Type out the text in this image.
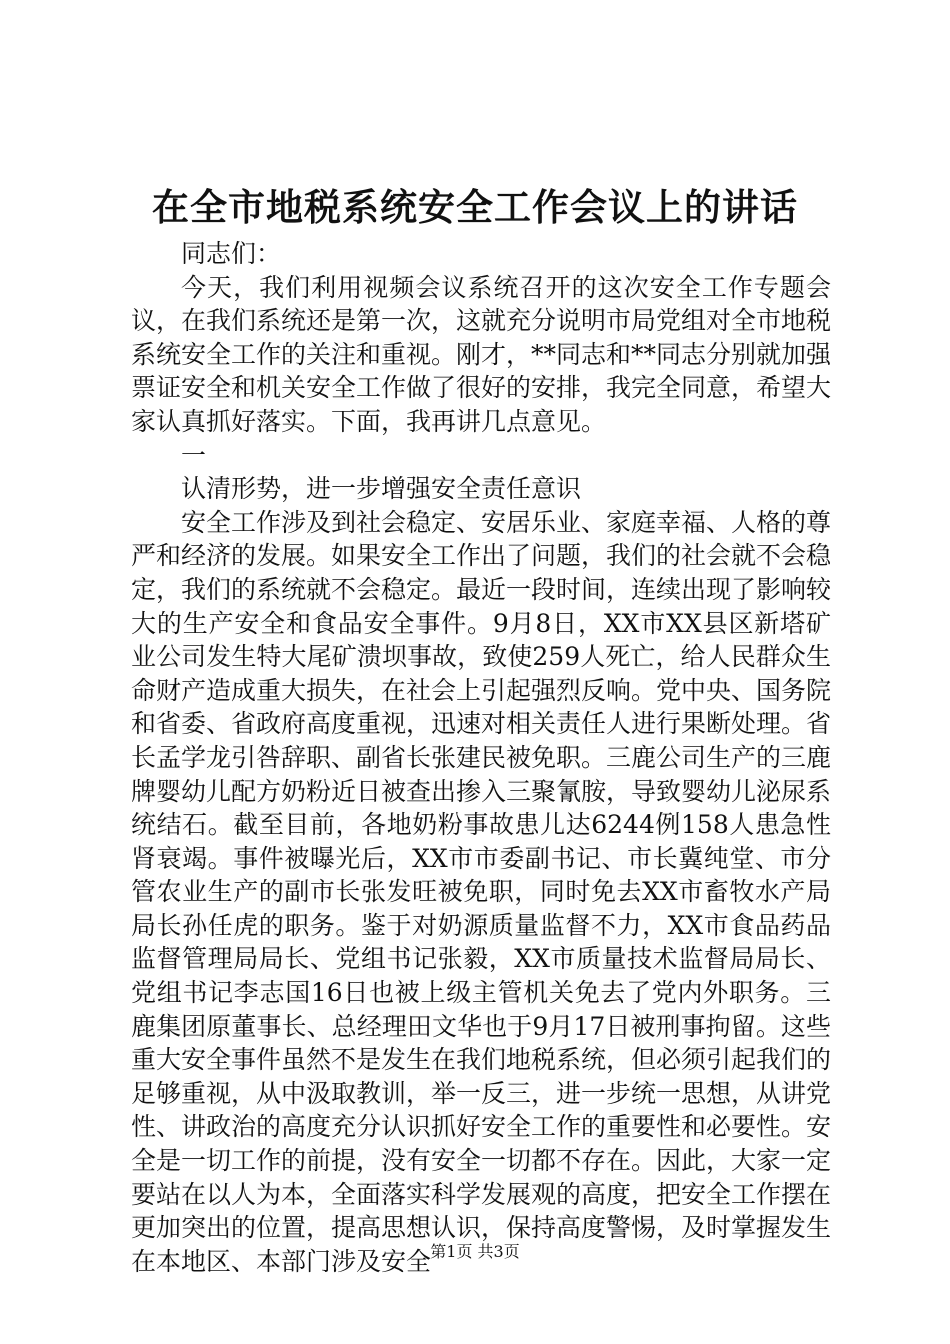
在全市地税系统安全工作会议上的讲话

同志们：

今天，我们利用视频会议系统召开的这次安全工作专题会议，在我们系统还是第一次，这就充分说明市局党组对全市地税系统安全工作的关注和重视。刚才，**同志和**同志分别就加强票证安全和机关安全工作做了很好的安排，我完全同意，希望大家认真抓好落实。下面，我再讲几点意见。

一

认清形势，进一步增强安全责任意识

安全工作涉及到社会稳定、安居乐业、家庭幸福、人格的尊严和经济的发展。如果安全工作出了问题，我们的社会就不会稳定，我们的系统就不会稳定。最近一段时间，连续出现了影响较大的生产安全和食品安全事件。9月8日，XX市XX县区新塔矿业公司发生特大尾矿溃坝事故，致使259人死亡，给人民群众生命财产造成重大损失，在社会上引起强烈反响。党中央、国务院和省委、省政府高度重视，迅速对相关责任人进行果断处理。省长孟学龙引咎辞职、副省长张建民被免职。三鹿公司生产的三鹿牌婴幼儿配方奶粉近日被查出掺入三聚氰胺，导致婴幼儿泌尿系统结石。截至目前，各地奶粉事故患儿达6244例158人患急性肾衰竭。事件被曝光后，XX市市委副书记、市长冀纯堂、市分管农业生产的副市长张发旺被免职，同时免去XX市畜牧水产局局长孙任虎的职务。鉴于对奶源质量监督不力，XX市食品药品监督管理局局长、党组书记张毅，XX市质量技术监督局局长、党组书记李志国16日也被上级主管机关免去了党内外职务。三鹿集团原董事长、总经理田文华也于9月17日被刑事拘留。这些重大安全事件虽然不是发生在我们地税系统，但必须引起我们的足够重视，从中汲取教训，举一反三，进一步统一思想，从讲党性、讲政治的高度充分认识抓好安全工作的重要性和必要性。安全是一切工作的前提，没有安全一切都不存在。因此，大家一定要站在以人为本，全面落实科学发展观的高度，把安全工作摆在更加突出的位置，提高思想认识，保持高度警惕，及时掌握发生在本地区、本部门涉及安全 第1页 共3页
